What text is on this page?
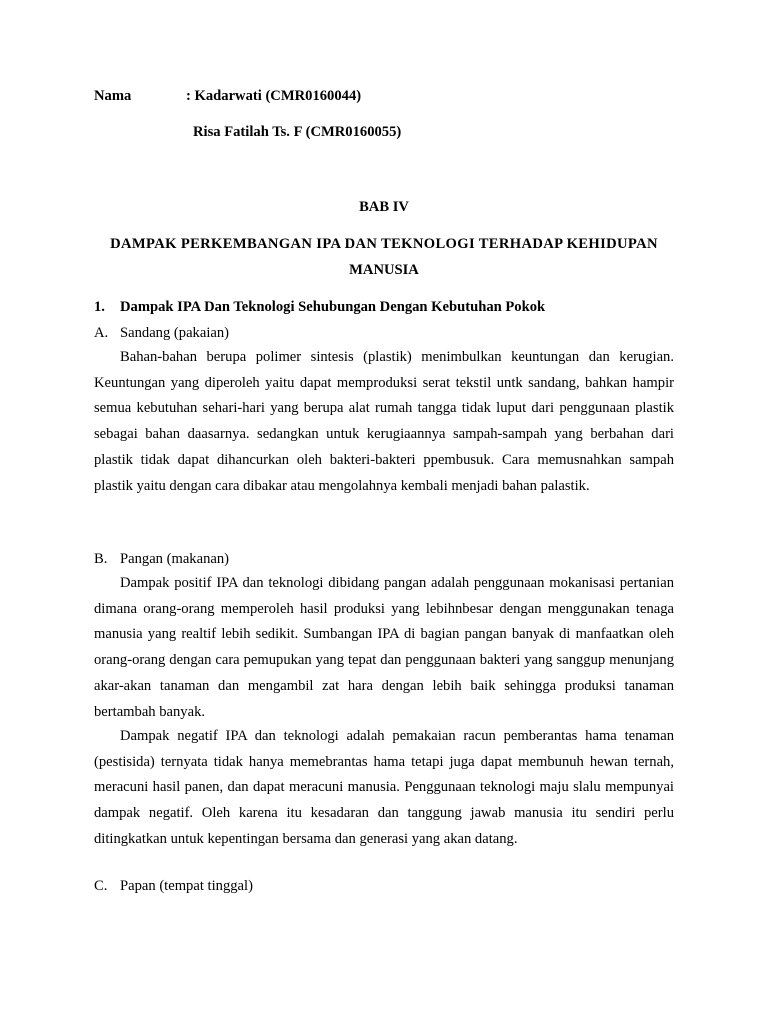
Nama	: Kadarwati (CMR0160044)
Risa Fatilah Ts. F (CMR0160055)
BAB IV
DAMPAK PERKEMBANGAN IPA DAN TEKNOLOGI TERHADAP KEHIDUPAN
MANUSIA
1. Dampak IPA Dan Teknologi Sehubungan Dengan Kebutuhan Pokok
A. Sandang (pakaian)
Bahan-bahan berupa polimer sintesis (plastik) menimbulkan keuntungan dan kerugian. Keuntungan yang diperoleh yaitu dapat memproduksi serat tekstil untk sandang, bahkan hampir semua kebutuhan sehari-hari yang berupa alat rumah tangga tidak luput dari penggunaan plastik sebagai bahan daasarnya. sedangkan untuk kerugiaannya sampah-sampah yang berbahan dari plastik tidak dapat dihancurkan oleh bakteri-bakteri ppembusuk. Cara memusnahkan sampah plastik yaitu dengan cara dibakar atau mengolahnya kembali menjadi bahan palastik.
B. Pangan (makanan)
Dampak positif IPA dan teknologi dibidang pangan adalah penggunaan mokanisasi pertanian dimana orang-orang memperoleh hasil produksi yang lebihnbesar dengan menggunakan tenaga manusia yang realtif lebih sedikit. Sumbangan IPA di bagian pangan banyak di manfaatkan oleh orang-orang dengan cara pemupukan yang tepat dan penggunaan bakteri yang sanggup menunjang akar-akan tanaman dan mengambil zat hara dengan lebih baik sehingga produksi tanaman bertambah banyak.
Dampak negatif IPA dan teknologi adalah pemakaian racun pemberantas hama tenaman (pestisida) ternyata tidak hanya memebrantas hama tetapi juga dapat membunuh hewan ternah, meracuni hasil panen, dan dapat meracuni manusia. Penggunaan teknologi maju slalu mempunyai dampak negatif. Oleh karena itu kesadaran dan tanggung jawab manusia itu sendiri perlu ditingkatkan untuk kepentingan bersama dan generasi yang akan datang.
C. Papan (tempat tinggal)
